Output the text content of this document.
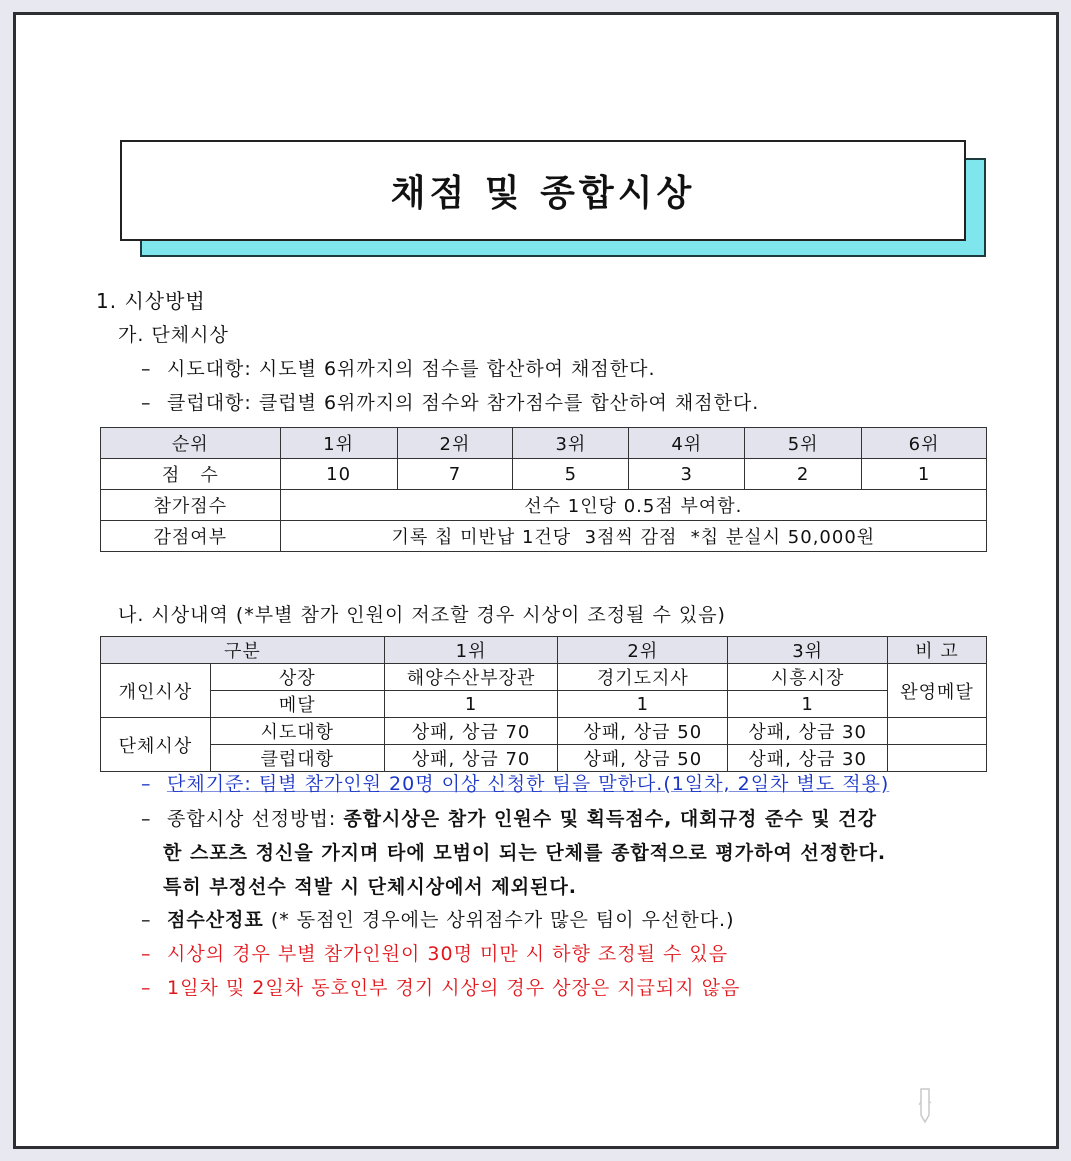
채점 및 종합시상
1. 시상방법
가. 단체시상
– 시도대항: 시도별 6위까지의 점수를 합산하여 채점한다.
– 클럽대항: 클럽별 6위까지의 점수와 참가점수를 합산하여 채점한다.
순위	1위	2위	3위	4위	5위	6위
점   수	10	7	5	3	2	1
참가점수	선수 1인당 0.5점 부여함.					
감점여부	기록 칩 미반납 1건당  3점씩 감점  *칩 분실시 50,000원					
나. 시상내역 (*부별 참가 인원이 저조할 경우 시상이 조정될 수 있음)
구분		1위	2위	3위	비 고
개인시상	상장	해양수산부장관	경기도지사	시흥시장	완영메달
	메달	1	1	1	
단체시상	시도대항	상패, 상금 70	상패, 상금 50	상패, 상금 30	
	클럽대항	상패, 상금 70	상패, 상금 50	상패, 상금 30	
– 단체기준: 팀별 참가인원 20명 이상 신청한 팀을 말한다.(1일차, 2일차 별도 적용)
– 종합시상 선정방법: 종합시상은 참가 인원수 및 획득점수, 대회규정 준수 및 건강
한 스포츠 정신을 가지며 타에 모범이 되는 단체를 종합적으로 평가하여 선정한다.
특히 부정선수 적발 시 단체시상에서 제외된다.
– 점수산정표 (* 동점인 경우에는 상위점수가 많은 팀이 우선한다.)
– 시상의 경우 부별 참가인원이 30명 미만 시 하향 조정될 수 있음
– 1일차 및 2일차 동호인부 경기 시상의 경우 상장은 지급되지 않음
